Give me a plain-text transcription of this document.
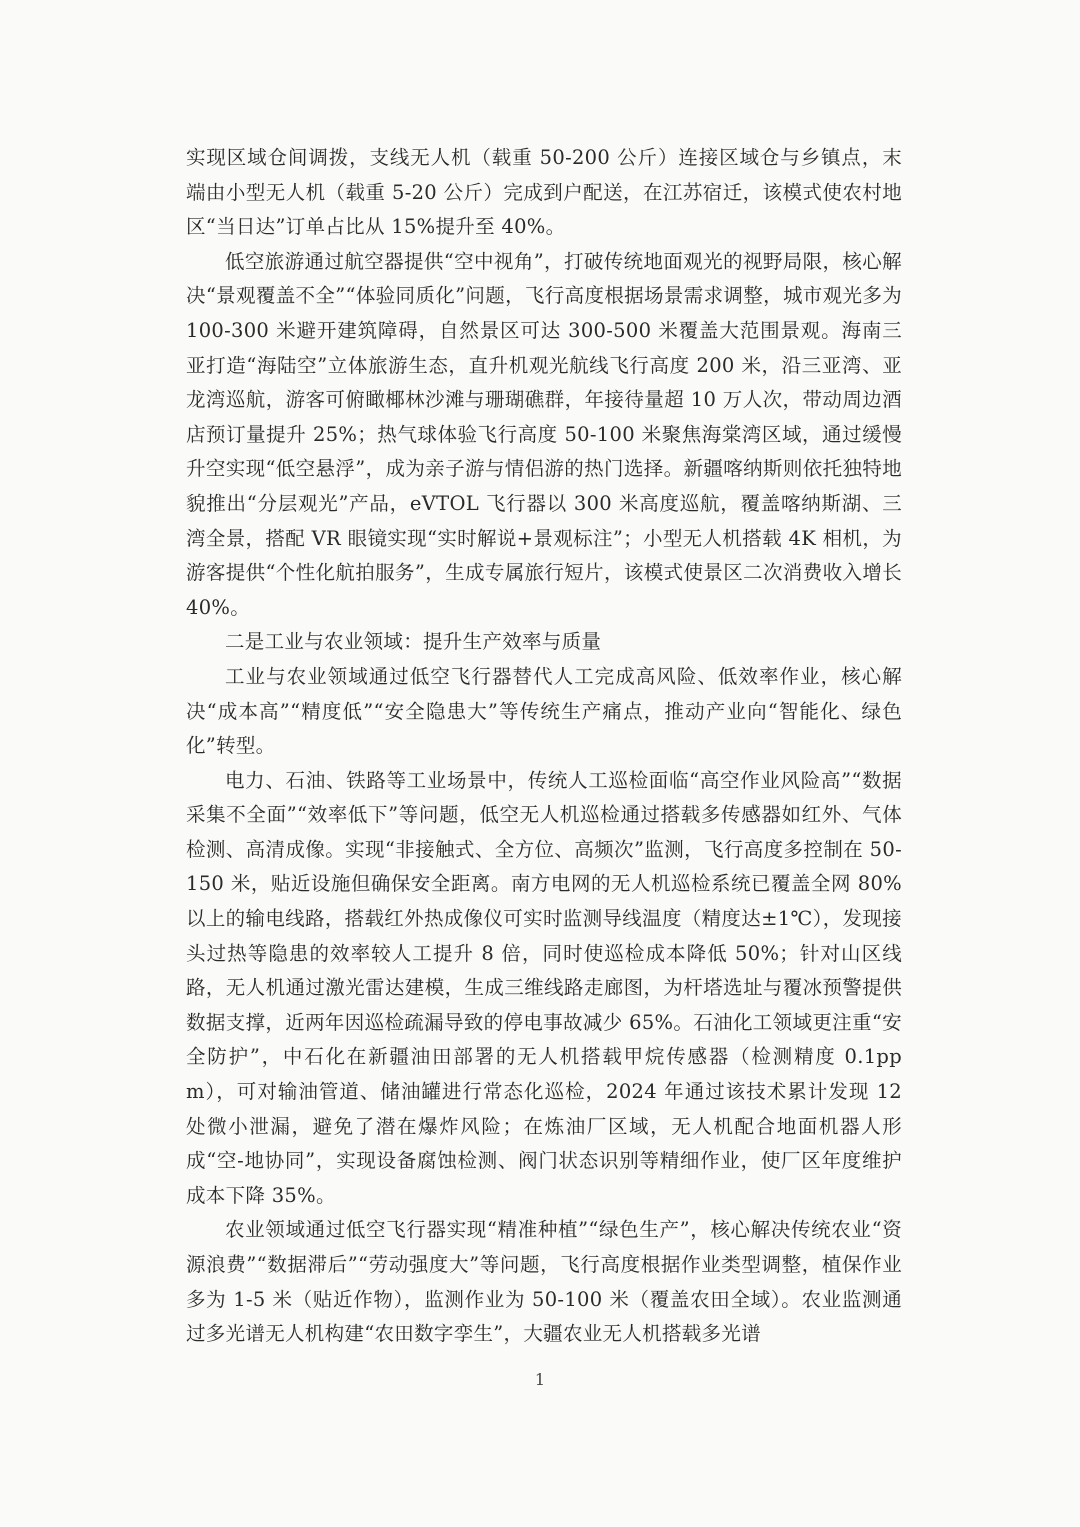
实现区域仓间调拨，支线无人机（载重 50-200 公斤）连接区域仓与乡镇点，末端由小型无人机（载重 5-20 公斤）完成到户配送，在江苏宿迁，该模式使农村地区“当日达”订单占比从 15%提升至 40%。

低空旅游通过航空器提供“空中视角”，打破传统地面观光的视野局限，核心解决“景观覆盖不全”“体验同质化”问题，飞行高度根据场景需求调整，城市观光多为 100-300 米避开建筑障碍，自然景区可达 300-500 米覆盖大范围景观。海南三亚打造“海陆空”立体旅游生态，直升机观光航线飞行高度 200 米，沿三亚湾、亚龙湾巡航，游客可俯瞰椰林沙滩与珊瑚礁群，年接待量超 10 万人次，带动周边酒店预订量提升 25%；热气球体验飞行高度 50-100 米聚焦海棠湾区域，通过缓慢升空实现“低空悬浮”，成为亲子游与情侣游的热门选择。新疆喀纳斯则依托独特地貌推出“分层观光”产品，eVTOL 飞行器以 300 米高度巡航，覆盖喀纳斯湖、三湾全景，搭配 VR 眼镜实现“实时解说+景观标注”；小型无人机搭载 4K 相机，为游客提供“个性化航拍服务”，生成专属旅行短片，该模式使景区二次消费收入增长 40%。

二是工业与农业领域：提升生产效率与质量

工业与农业领域通过低空飞行器替代人工完成高风险、低效率作业，核心解决“成本高”“精度低”“安全隐患大”等传统生产痛点，推动产业向“智能化、绿色化”转型。

电力、石油、铁路等工业场景中，传统人工巡检面临“高空作业风险高”“数据采集不全面”“效率低下”等问题，低空无人机巡检通过搭载多传感器如红外、气体检测、高清成像。实现“非接触式、全方位、高频次”监测，飞行高度多控制在 50-150 米，贴近设施但确保安全距离。南方电网的无人机巡检系统已覆盖全网 80%以上的输电线路，搭载红外热成像仪可实时监测导线温度（精度达±1℃），发现接头过热等隐患的效率较人工提升 8 倍，同时使巡检成本降低 50%；针对山区线路，无人机通过激光雷达建模，生成三维线路走廊图，为杆塔选址与覆冰预警提供数据支撑，近两年因巡检疏漏导致的停电事故减少 65%。石油化工领域更注重“安全防护”，中石化在新疆油田部署的无人机搭载甲烷传感器（检测精度 0.1ppm），可对输油管道、储油罐进行常态化巡检，2024 年通过该技术累计发现 12 处微小泄漏，避免了潜在爆炸风险；在炼油厂区域，无人机配合地面机器人形成“空-地协同”，实现设备腐蚀检测、阀门状态识别等精细作业，使厂区年度维护成本下降 35%。

农业领域通过低空飞行器实现“精准种植”“绿色生产”，核心解决传统农业“资源浪费”“数据滞后”“劳动强度大”等问题，飞行高度根据作业类型调整，植保作业多为 1-5 米（贴近作物），监测作业为 50-100 米（覆盖农田全域）。农业监测通过多光谱无人机构建“农田数字孪生”，大疆农业无人机搭载多光谱

1
